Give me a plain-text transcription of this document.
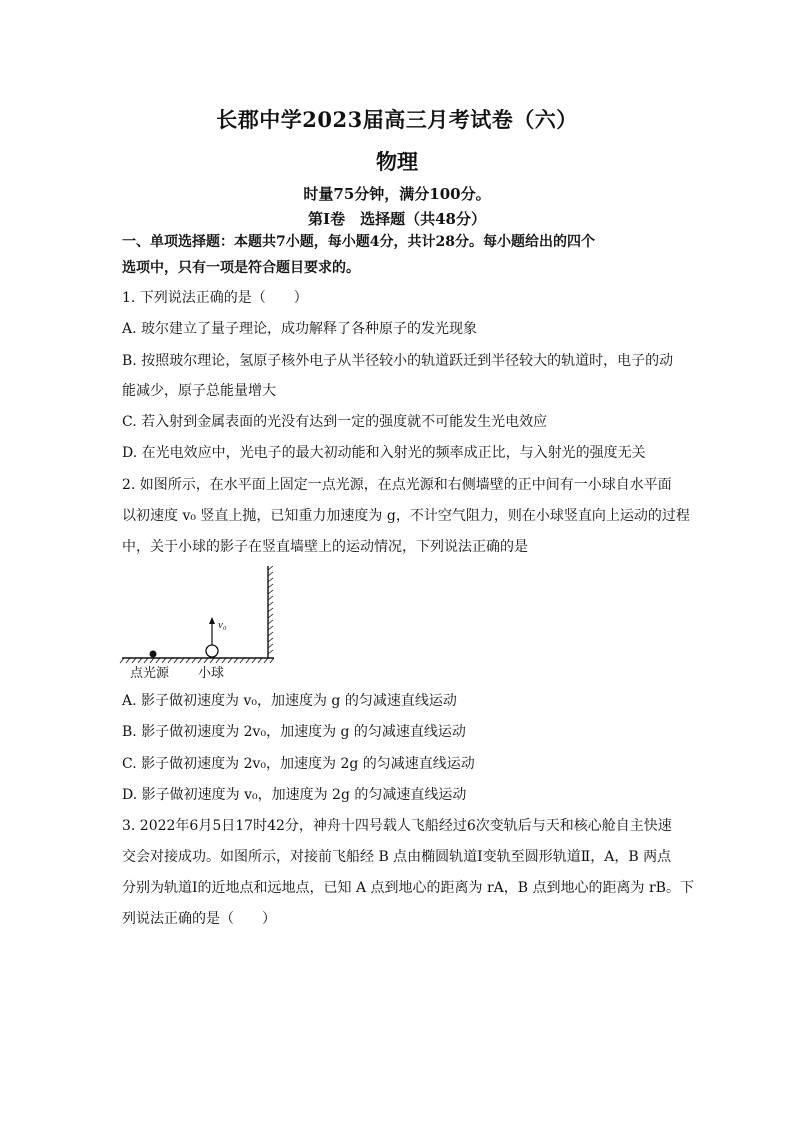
长郡中学2023届高三月考试卷（六）
物理
时量75分钟，满分100分。
第Ⅰ卷　选择题（共48分）
一、单项选择题：本题共7小题，每小题4分，共计28分。每小题给出的四个
选项中，只有一项是符合题目要求的。
1. 下列说法正确的是（　　）
A. 玻尔建立了量子理论，成功解释了各种原子的发光现象
B. 按照玻尔理论，氢原子核外电子从半径较小的轨道跃迁到半径较大的轨道时，电子的动
能减少，原子总能量增大
C. 若入射到金属表面的光没有达到一定的强度就不可能发生光电效应
D. 在光电效应中，光电子的最大初动能和入射光的频率成正比，与入射光的强度无关
2. 如图所示，在水平面上固定一点光源，在点光源和右侧墙壁的正中间有一小球自水平面
以初速度 v₀ 竖直上抛，已知重力加速度为 g，不计空气阻力，则在小球竖直向上运动的过程
中，关于小球的影子在竖直墙壁上的运动情况，下列说法正确的是
v₀
点光源 小球
A. 影子做初速度为 v₀，加速度为 g 的匀减速直线运动
B. 影子做初速度为 2v₀，加速度为 g 的匀减速直线运动
C. 影子做初速度为 2v₀，加速度为 2g 的匀减速直线运动
D. 影子做初速度为 v₀，加速度为 2g 的匀减速直线运动
3. 2022年6月5日17时42分，神舟十四号载人飞船经过6次变轨后与天和核心舱自主快速
交会对接成功。如图所示，对接前飞船经 B 点由椭圆轨道Ⅰ变轨至圆形轨道Ⅱ，A，B 两点
分别为轨道Ⅰ的近地点和远地点，已知 A 点到地心的距离为 rA，B 点到地心的距离为 rB。下
列说法正确的是（　　）
